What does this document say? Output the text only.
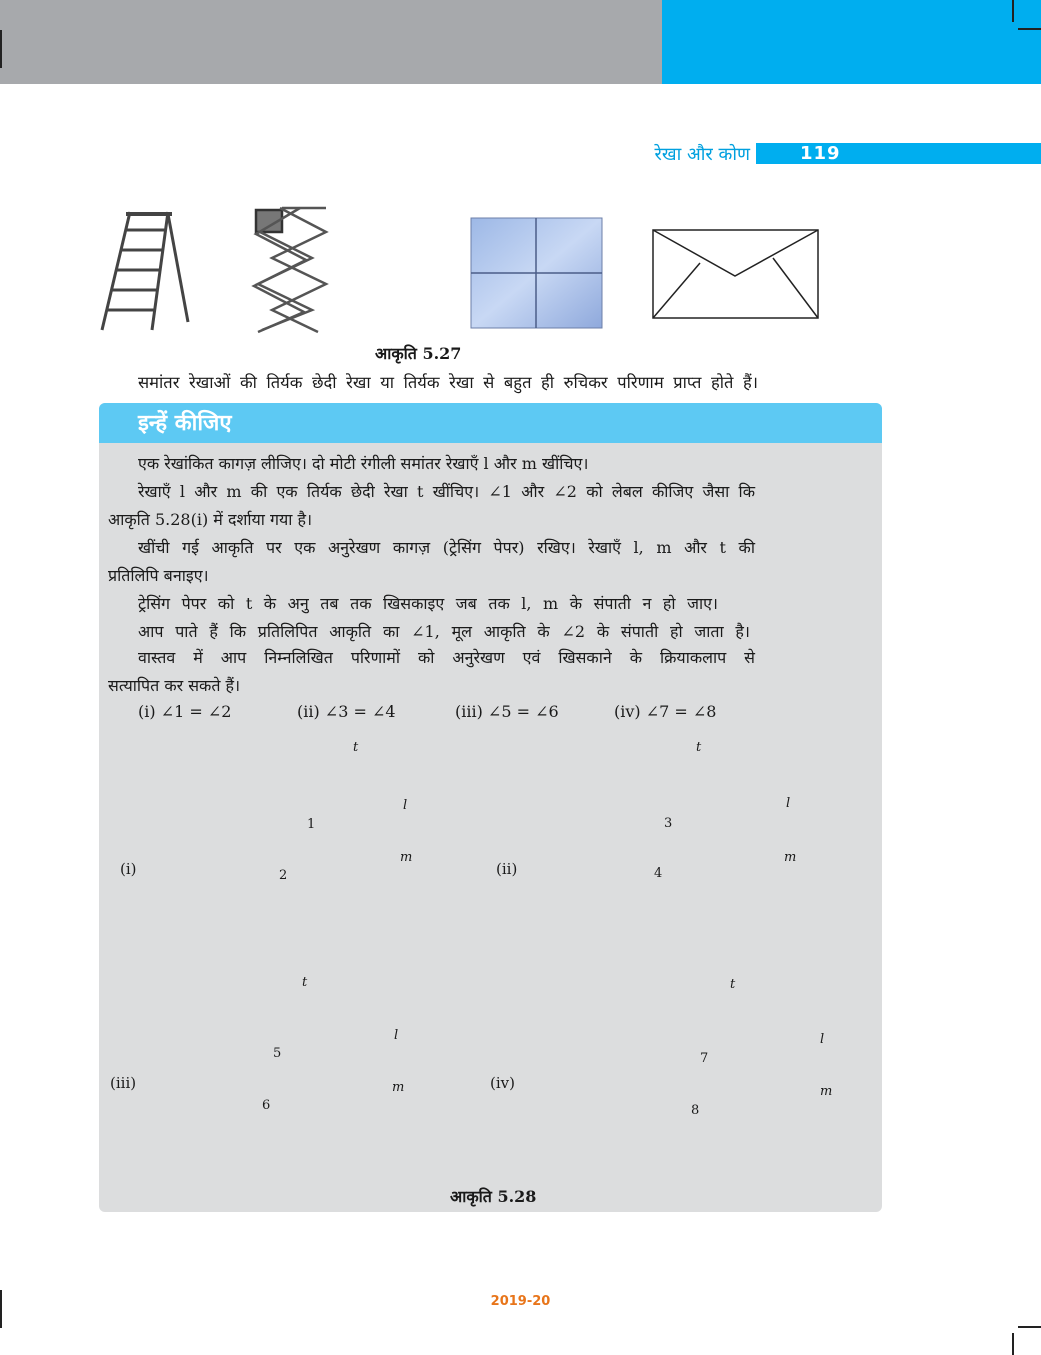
रेखा और कोण	119
आकृति 5.27
समांतर रेखाओं की तिर्यक छेदी रेखा या तिर्यक रेखा से बहुत ही रुचिकर परिणाम प्राप्त होते हैं।
इन्हें कीजिए
एक रेखांकित कागज़ लीजिए। दो मोटी रंगीली समांतर रेखाएँ l और m खींचिए।
रेखाएँ l और m की एक तिर्यक छेदी रेखा t खींचिए। ∠1 और ∠2 को लेबल कीजिए जैसा कि
आकृति 5.28(i) में दर्शाया गया है।
खींची गई आकृति पर एक अनुरेखण कागज़ (ट्रेसिंग पेपर) रखिए। रेखाएँ l, m और t की
प्रतिलिपि बनाइए।
ट्रेसिंग पेपर को t के अनु तब तक खिसकाइए जब तक l, m के संपाती न हो जाए।
आप पाते हैं कि प्रतिलिपित आकृति का ∠1, मूल आकृति के ∠2 के संपाती हो जाता है।
वास्तव में आप निम्नलिखित परिणामों को अनुरेखण एवं खिसकाने के क्रियाकलाप से
सत्यापित कर सकते हैं।
(i) ∠1 = ∠2	(ii) ∠3 = ∠4	(iii) ∠5 = ∠6	(iv) ∠7 = ∠8
(i)	(ii)
(iii)	(iv)
t
l
m
1
2
t
l
m
3
4
t
l
m
5
6
t
l
m
7
8
आकृति 5.28
2019-20
